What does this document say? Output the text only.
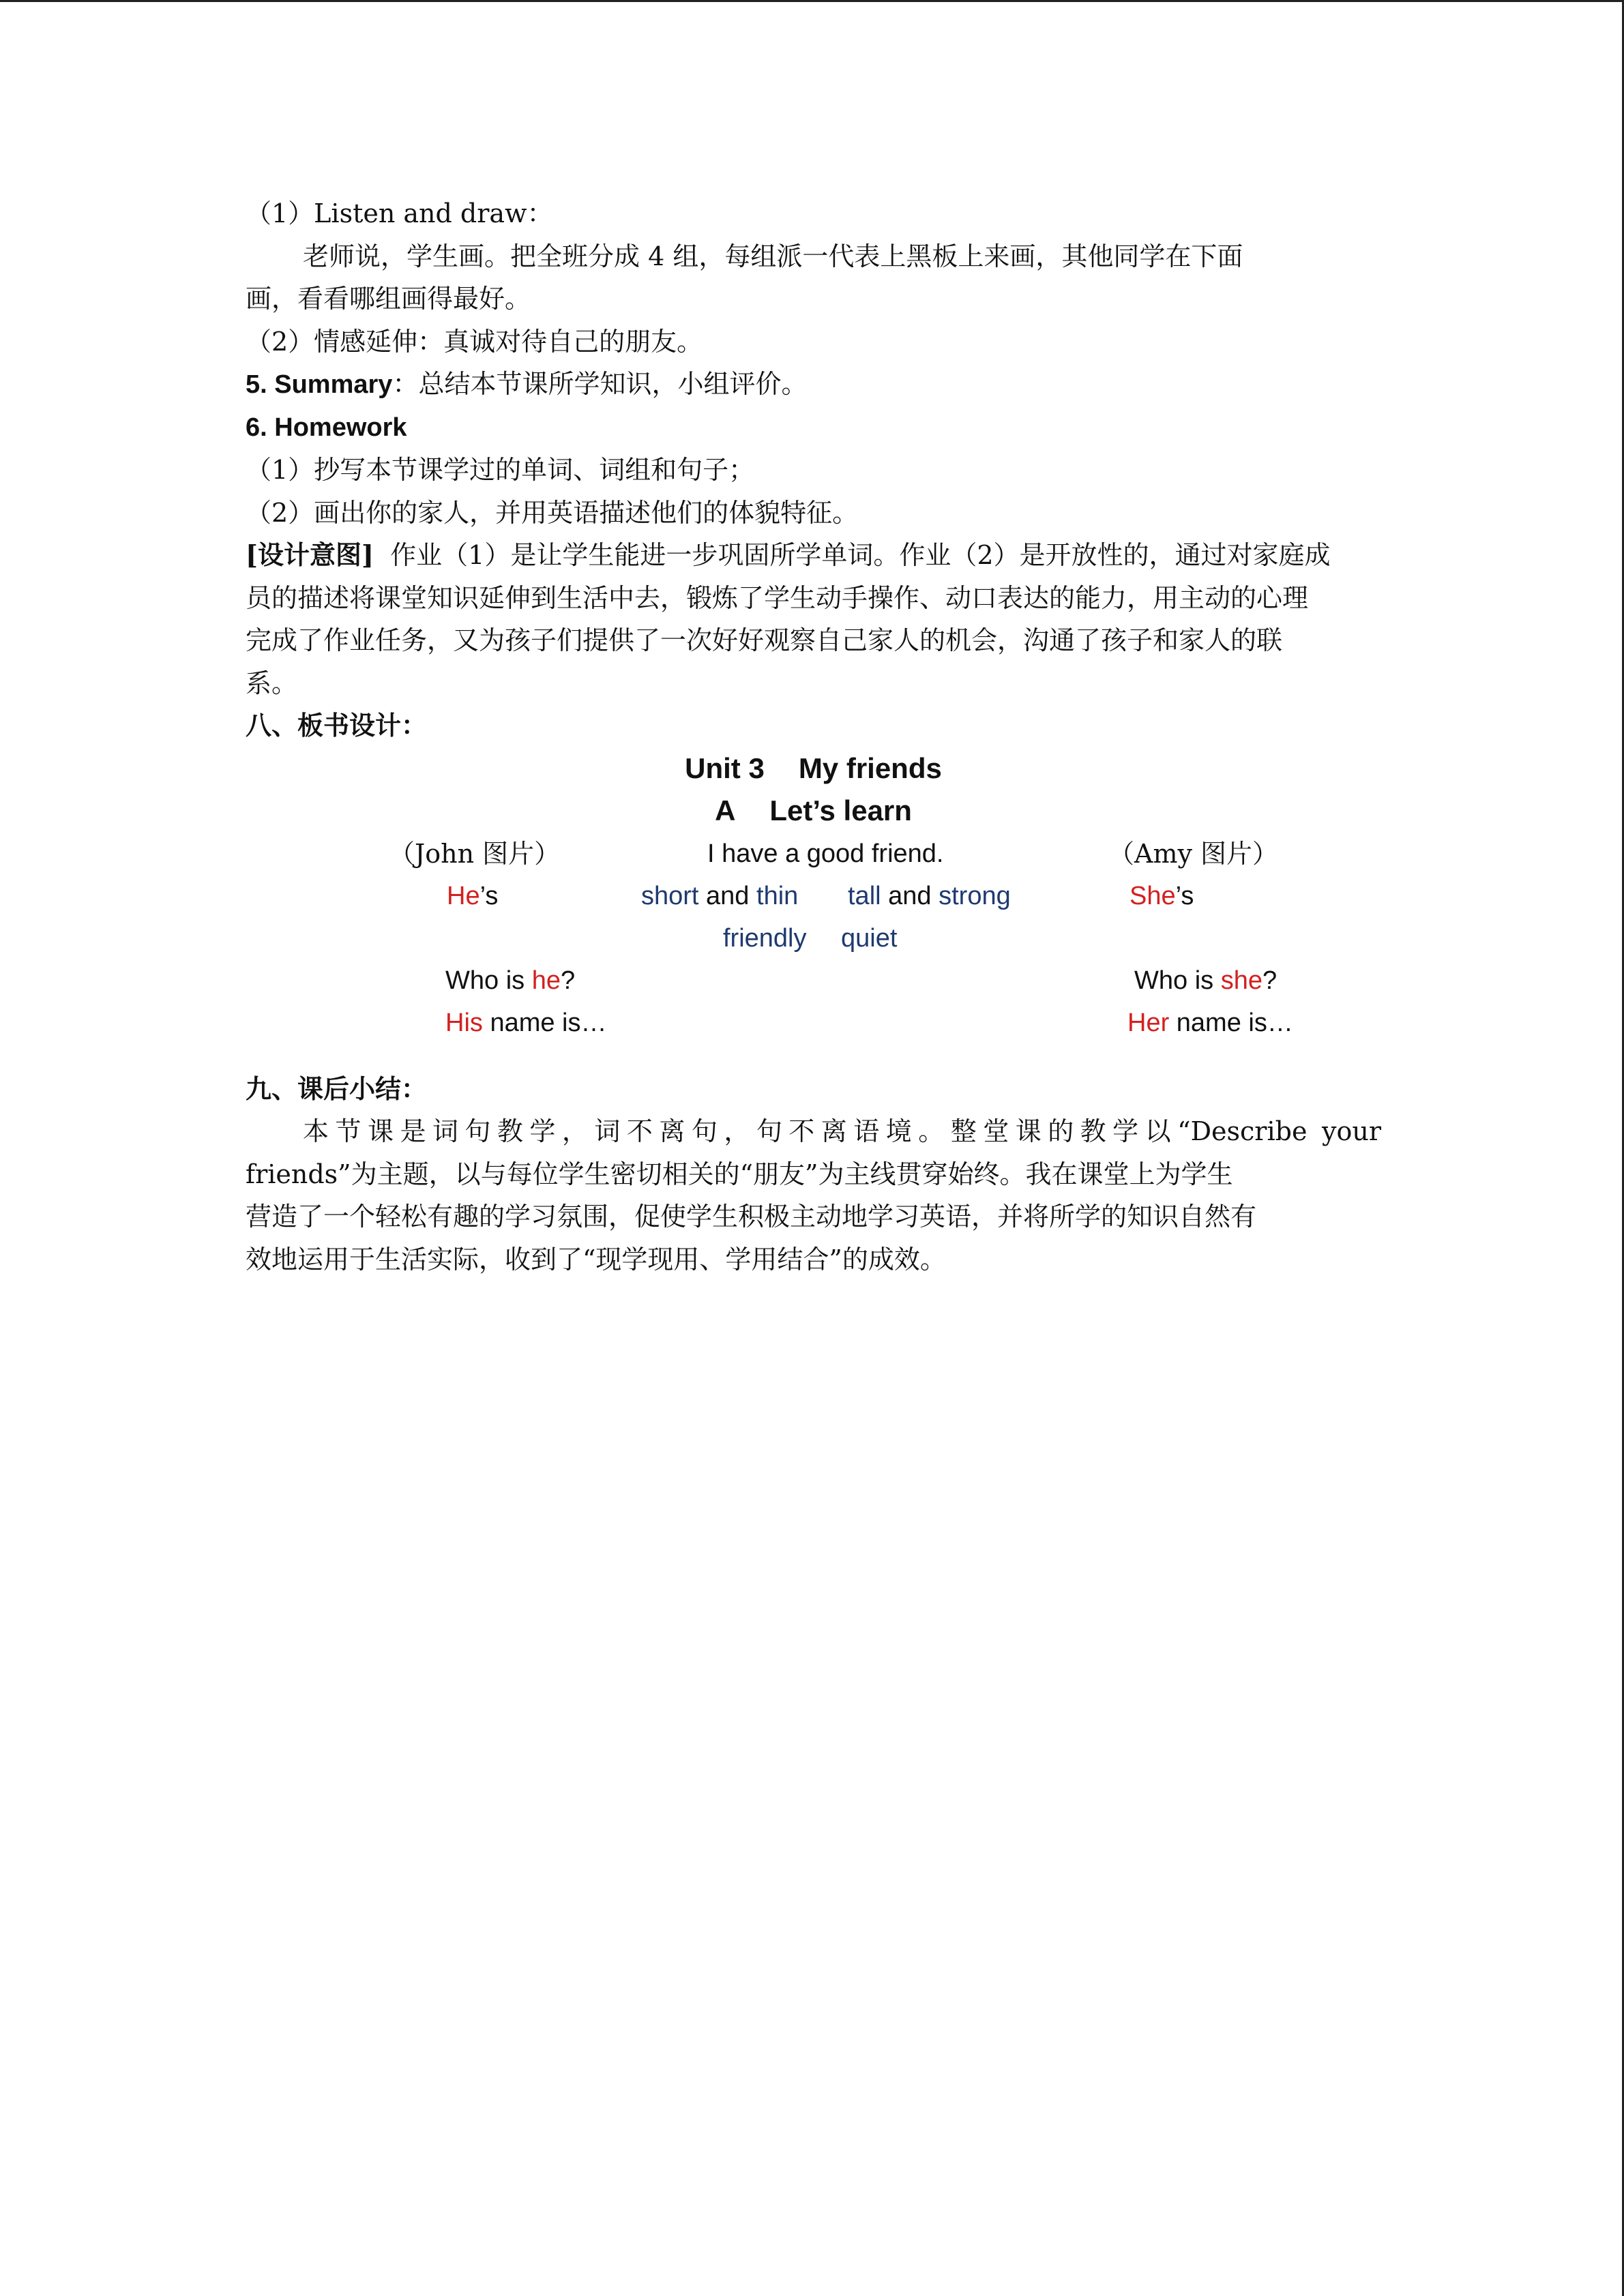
（1）Listen and draw：
老师说，学生画。把全班分成 4 组，每组派一代表上黑板上来画，其他同学在下面
画，看看哪组画得最好。
（2）情感延伸：真诚对待自己的朋友。
5. Summary：总结本节课所学知识，小组评价。
6. Homework
（1）抄写本节课学过的单词、词组和句子；
（2）画出你的家人，并用英语描述他们的体貌特征。
[设计意图] 作业（1）是让学生能进一步巩固所学单词。作业（2）是开放性的，通过对家庭成
员的描述将课堂知识延伸到生活中去，锻炼了学生动手操作、动口表达的能力，用主动的心理
完成了作业任务，又为孩子们提供了一次好好观察自己家人的机会，沟通了孩子和家人的联
系。
八、板书设计：
Unit 3 My friends
A Let’s learn
（John 图片）	I have a good friend.	（Amy 图片）
He’s	short and thin tall and strong	She’s
friendly quiet
Who is he?	Who is she?
His name is…	Her name is…
九、课后小结：
本节课是词句教学，词不离句，句不离语境。整堂课的教学以“Describe your
friends”为主题，以与每位学生密切相关的“朋友”为主线贯穿始终。我在课堂上为学生
营造了一个轻松有趣的学习氛围，促使学生积极主动地学习英语，并将所学的知识自然有
效地运用于生活实际，收到了“现学现用、学用结合”的成效。
